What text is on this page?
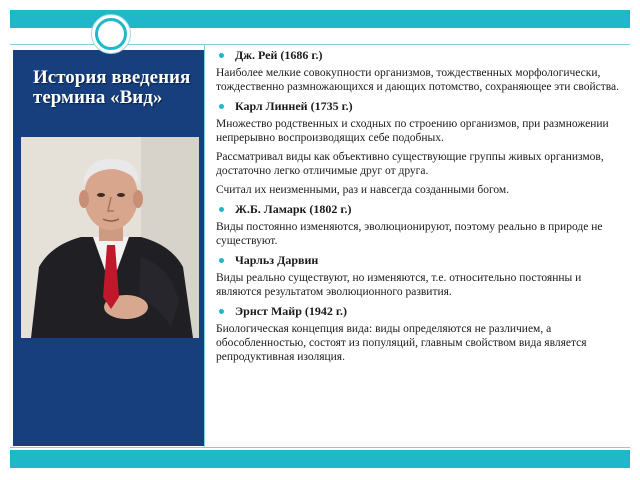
История введения термина «Вид»
Дж. Рей (1686 г.)

Наиболее мелкие совокупности организмов, тождественных морфологически, тождественно размножающихся и дающих потомство, сохраняющее эти свойства.

Карл Линней (1735 г.)

Множество родственных и сходных по строению организмов, при размножении непрерывно воспроизводящих себе подобных.

Рассматривал виды как объективно существующие группы живых организмов, достаточно легко отличимые друг от друга.

Считал их неизменными, раз и навсегда созданными богом.

Ж.Б. Ламарк (1802 г.)

Виды постоянно изменяются, эволюционируют, поэтому реально в природе не существуют.

Чарльз Дарвин

Виды реально существуют, но изменяются, т.е. относительно постоянны и являются результатом эволюционного развития.

Эрнст Майр (1942 г.)

Биологическая концепция вида: виды определяются не различием, а обособленностью, состоят из популяций, главным свойством вида является репродуктивная изоляция.
